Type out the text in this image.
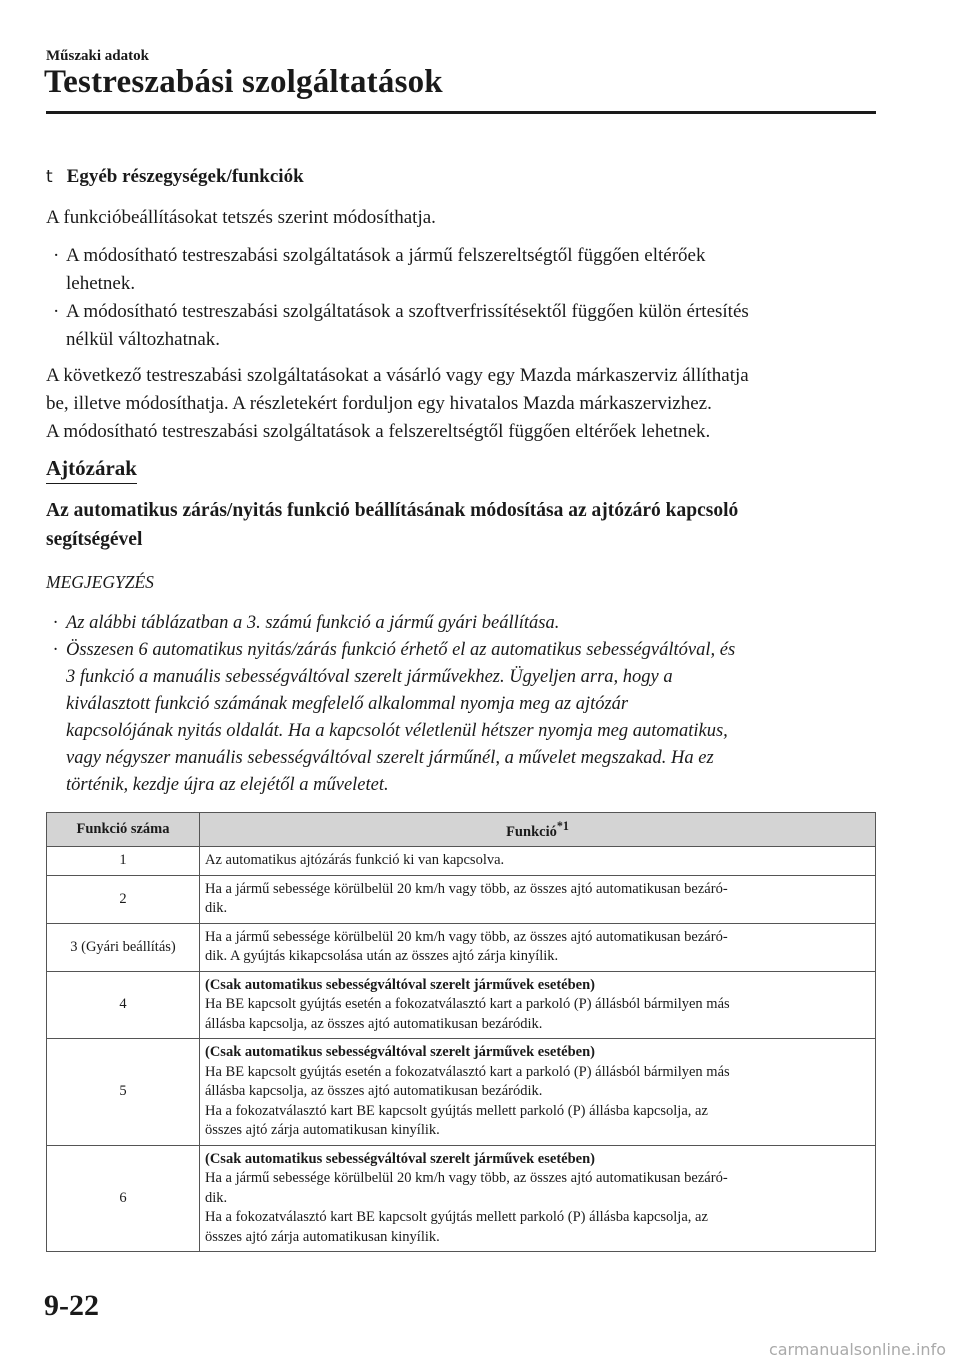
Műszaki adatok
Testreszabási szolgáltatások
t Egyéb részegységek/funkciók
A funkcióbeállításokat tetszés szerint módosíthatja.
· A módosítható testreszabási szolgáltatások a jármű felszereltségtől függően eltérőek
lehetnek.
· A módosítható testreszabási szolgáltatások a szoftverfrissítésektől függően külön értesítés
nélkül változhatnak.
A következő testreszabási szolgáltatásokat a vásárló vagy egy Mazda márkaszerviz állíthatja
be, illetve módosíthatja. A részletekért forduljon egy hivatalos Mazda márkaszervizhez.
A módosítható testreszabási szolgáltatások a felszereltségtől függően eltérőek lehetnek.
Ajtózárak
Az automatikus zárás/nyitás funkció beállításának módosítása az ajtózáró kapcsoló
segítségével
MEGJEGYZÉS
· Az alábbi táblázatban a 3. számú funkció a jármű gyári beállítása.
· Összesen 6 automatikus nyitás/zárás funkció érhető el az automatikus sebességváltóval, és
3 funkció a manuális sebességváltóval szerelt járművekhez. Ügyeljen arra, hogy a
kiválasztott funkció számának megfelelő alkalommal nyomja meg az ajtózár
kapcsolójának nyitás oldalát. Ha a kapcsolót véletlenül hétszer nyomja meg automatikus,
vagy négyszer manuális sebességváltóval szerelt járműnél, a művelet megszakad. Ha ez
történik, kezdje újra az elejétől a műveletet.
Funkció száma	Funkció$^{*1}$
1	Az automatikus ajtózárás funkció ki van kapcsolva.

2	Ha a jármű sebessége körülbelül 20 km/h vagy több, az összes ajtó automatikusan bezáró-
dik.

3 (Gyári beállítás)	Ha a jármű sebessége körülbelül 20 km/h vagy több, az összes ajtó automatikusan bezáró-
dik. A gyújtás kikapcsolása után az összes ajtó zárja kinyílik.

4	(Csak automatikus sebességváltóval szerelt járművek esetében)
Ha BE kapcsolt gyújtás esetén a fokozatválasztó kart a parkoló (P) állásból bármilyen más
állásba kapcsolja, az összes ajtó automatikusan bezáródik.

5	(Csak automatikus sebességváltóval szerelt járművek esetében)
Ha BE kapcsolt gyújtás esetén a fokozatválasztó kart a parkoló (P) állásból bármilyen más
állásba kapcsolja, az összes ajtó automatikusan bezáródik.
Ha a fokozatválasztó kart BE kapcsolt gyújtás mellett parkoló (P) állásba kapcsolja, az
összes ajtó zárja automatikusan kinyílik.

6	(Csak automatikus sebességváltóval szerelt járművek esetében)
Ha a jármű sebessége körülbelül 20 km/h vagy több, az összes ajtó automatikusan bezáró-
dik.
Ha a fokozatválasztó kart BE kapcsolt gyújtás mellett parkoló (P) állásba kapcsolja, az
összes ajtó zárja automatikusan kinyílik.
9-22
carmanualsonline.info
